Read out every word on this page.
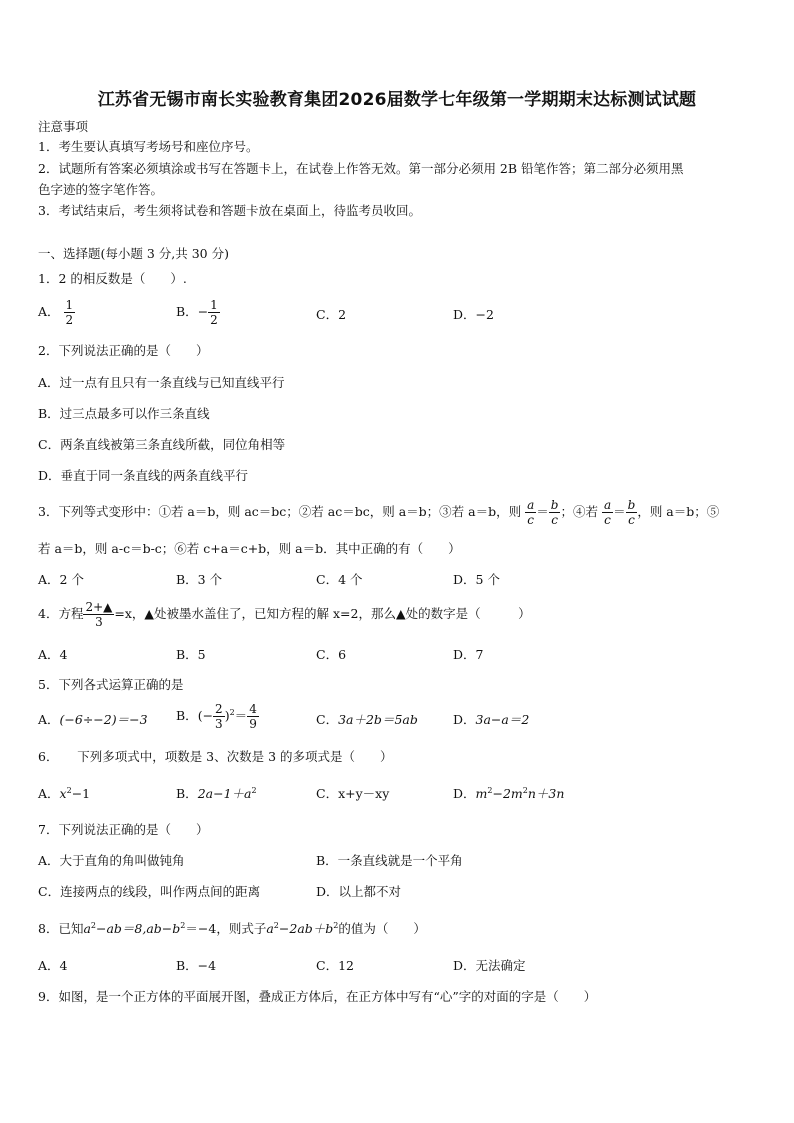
江苏省无锡市南长实验教育集团2026届数学七年级第一学期期末达标测试试题
注意事项
1．考生要认真填写考场号和座位序号。
2．试题所有答案必须填涂或书写在答题卡上，在试卷上作答无效。第一部分必须用 2B 铅笔作答；第二部分必须用黑
色字迹的签字笔作答。
3．考试结束后，考生须将试卷和答题卡放在桌面上，待监考员收回。
一、选择题(每小题 3 分,共 30 分)
1．2 的相反数是（　　）.
A． $\frac{1}{2}$	B．− $\frac{1}{2}$	C．2	D．−2
2．下列说法正确的是（　　）
A．过一点有且只有一条直线与已知直线平行
B．过三点最多可以作三条直线
C．两条直线被第三条直线所截，同位角相等
D．垂直于同一条直线的两条直线平行
3．下列等式变形中：①若 a＝b，则 ac＝bc；②若 ac＝bc，则 a＝b；③若 a＝b，则 $\frac{a}{c} = \frac{b}{c}$ ；④若 $\frac{a}{c} = \frac{b}{c}$ ，则 a＝b；⑤
若 a＝b，则 a-c＝b-c；⑥若 c+a＝c+b，则 a＝b．其中正确的有（　　）
A．2 个	B．3 个	C．4 个	D．5 个
4．方程 $\frac{2+▲}{3} =x$，▲处被墨水盖住了，已知方程的解 x=2，那么▲处的数字是（　　　）
A．4	B．5	C．6	D．7
5．下列各式运算正确的是
A．(−6÷−2)＝−3 B．(− $\frac{2}{3} )^2= \frac{4}{9}$	C．3a＋2b＝5ab	D．3a−a＝2
6．　　下列多项式中，项数是 3、次数是 3 的多项式是（　　）
A．$x^2-1$	B．$2a-1+a^2$	C．x+y－xy	D．$m^2-2m^2n+3n$
7．下列说法正确的是（　　）
A．大于直角的角叫做钝角	B．一条直线就是一个平角
C．连接两点的线段，叫作两点间的距离	D．以上都不对
8．已知$a^2-ab=8,ab-b^2=-4$，则式子$a^2-2ab+b^2$的值为（　　）
A．4	B．−4	C．12	D．无法确定
9．如图，是一个正方体的平面展开图，叠成正方体后，在正方体中写有“心”字的对面的字是（　　）
